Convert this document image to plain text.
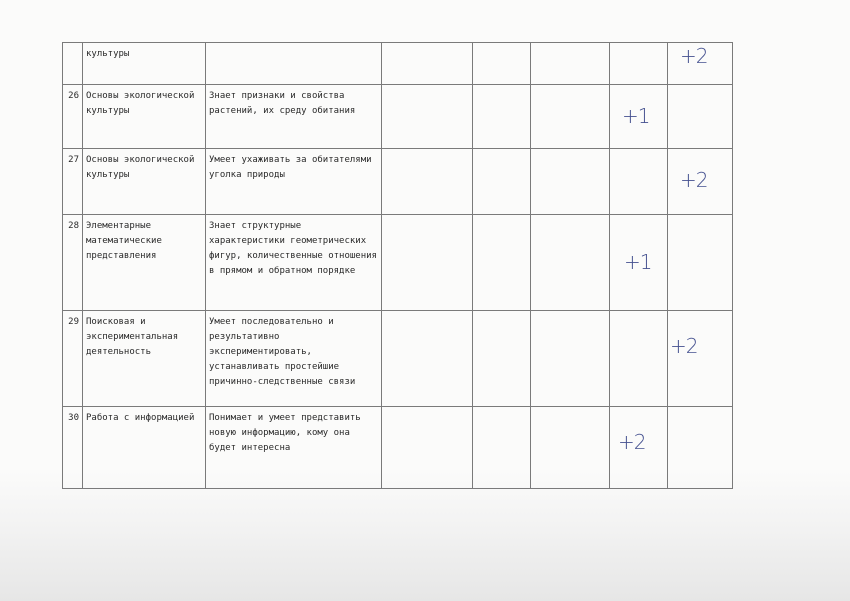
	культуры						+2

26	Основы экологической культуры	Знает признаки и свойства растений, их среду обитания				+1	

27	Основы экологической культуры	Умеет ухаживать за обитателями уголка природы					+2

28	Элементарные математические представления	Знает структурные характеристики геометрических фигур, количественные отношения в прямом и обратном порядке				+1	

29	Поисковая и экспериментальная деятельность	Умеет последовательно и результативно экспериментировать, устанавливать простейшие причинно-следственные связи					+2

30	Работа с информацией	Понимает и умеет представить новую информацию, кому она будет интересна				+2	
